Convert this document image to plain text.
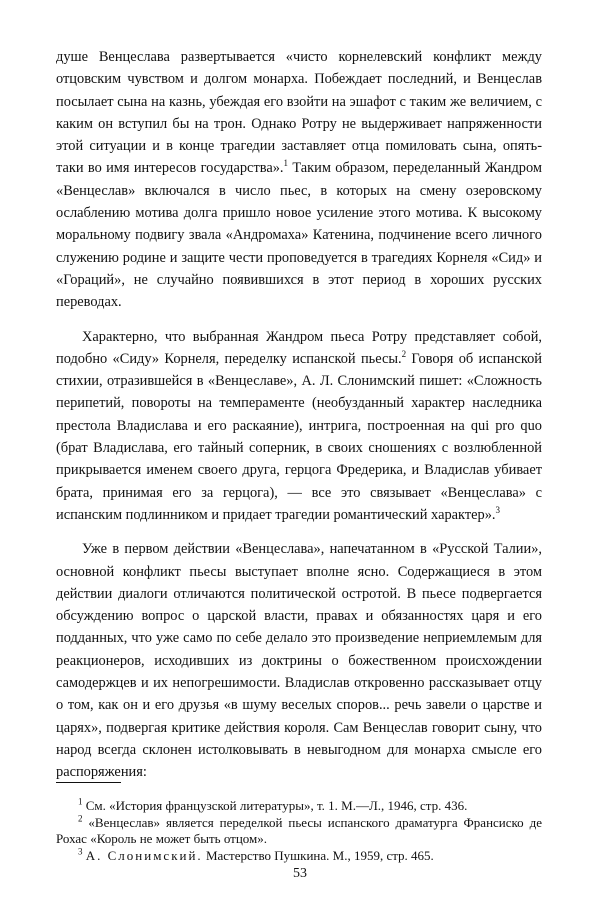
душе Венцеслава развертывается «чисто корнелевский конфликт между отцовским чувством и долгом монарха. Побеждает последний, и Венцеслав посылает сына на казнь, убеждая его взойти на эшафот с таким же величием, с каким он вступил бы на трон. Однако Ротру не выдерживает напряженности этой ситуации и в конце трагедии заставляет отца помиловать сына, опять-таки во имя интересов государства».$^1$ Таким образом, переделанный Жандром «Венцеслав» включался в число пьес, в которых на смену озеровскому ослаблению мотива долга пришло новое усиление этого мотива. К высокому моральному подвигу звала «Андромаха» Катенина, подчинение всего личного служению родине и защите чести проповедуется в трагедиях Корнеля «Сид» и «Гораций», не случайно появившихся в этот период в хороших русских переводах.

Характерно, что выбранная Жандром пьеса Ротру представляет собой, подобно «Сиду» Корнеля, переделку испанской пьесы.$^2$ Говоря об испанской стихии, отразившейся в «Венцеславе», А. Л. Слонимский пишет: «Сложность перипетий, повороты на темпераменте (необузданный характер наследника престола Владислава и его раскаяние), интрига, построенная на qui pro quo (брат Владислава, его тайный соперник, в своих сношениях с возлюбленной прикрывается именем своего друга, герцога Фредерика, и Владислав убивает брата, принимая его за герцога), — все это связывает «Венцеслава» с испанским подлинником и придает трагедии романтический характер».$^3$

Уже в первом действии «Венцеслава», напечатанном в «Русской Талии», основной конфликт пьесы выступает вполне ясно. Содержащиеся в этом действии диалоги отличаются политической остротой. В пьесе подвергается обсуждению вопрос о царской власти, правах и обязанностях царя и его подданных, что уже само по себе делало это произведение неприемлемым для реакционеров, исходивших из доктрины о божественном происхождении самодержцев и их непогрешимости. Владислав откровенно рассказывает отцу о том, как он и его друзья «в шуму веселых споров... речь завели о царстве и царях», подвергая критике действия короля. Сам Венцеслав говорит сыну, что народ всегда склонен истолковывать в невыгодном для монарха смысле его распоряжения:

$^1$ См. «История французской литературы», т. 1. М.—Л., 1946, стр. 436.

$^2$ «Венцеслав» является переделкой пьесы испанского драматурга Франсиско де Рохас «Король не может быть отцом».

$^3$ А. Слонимский. Мастерство Пушкина. М., 1959, стр. 465.

53
